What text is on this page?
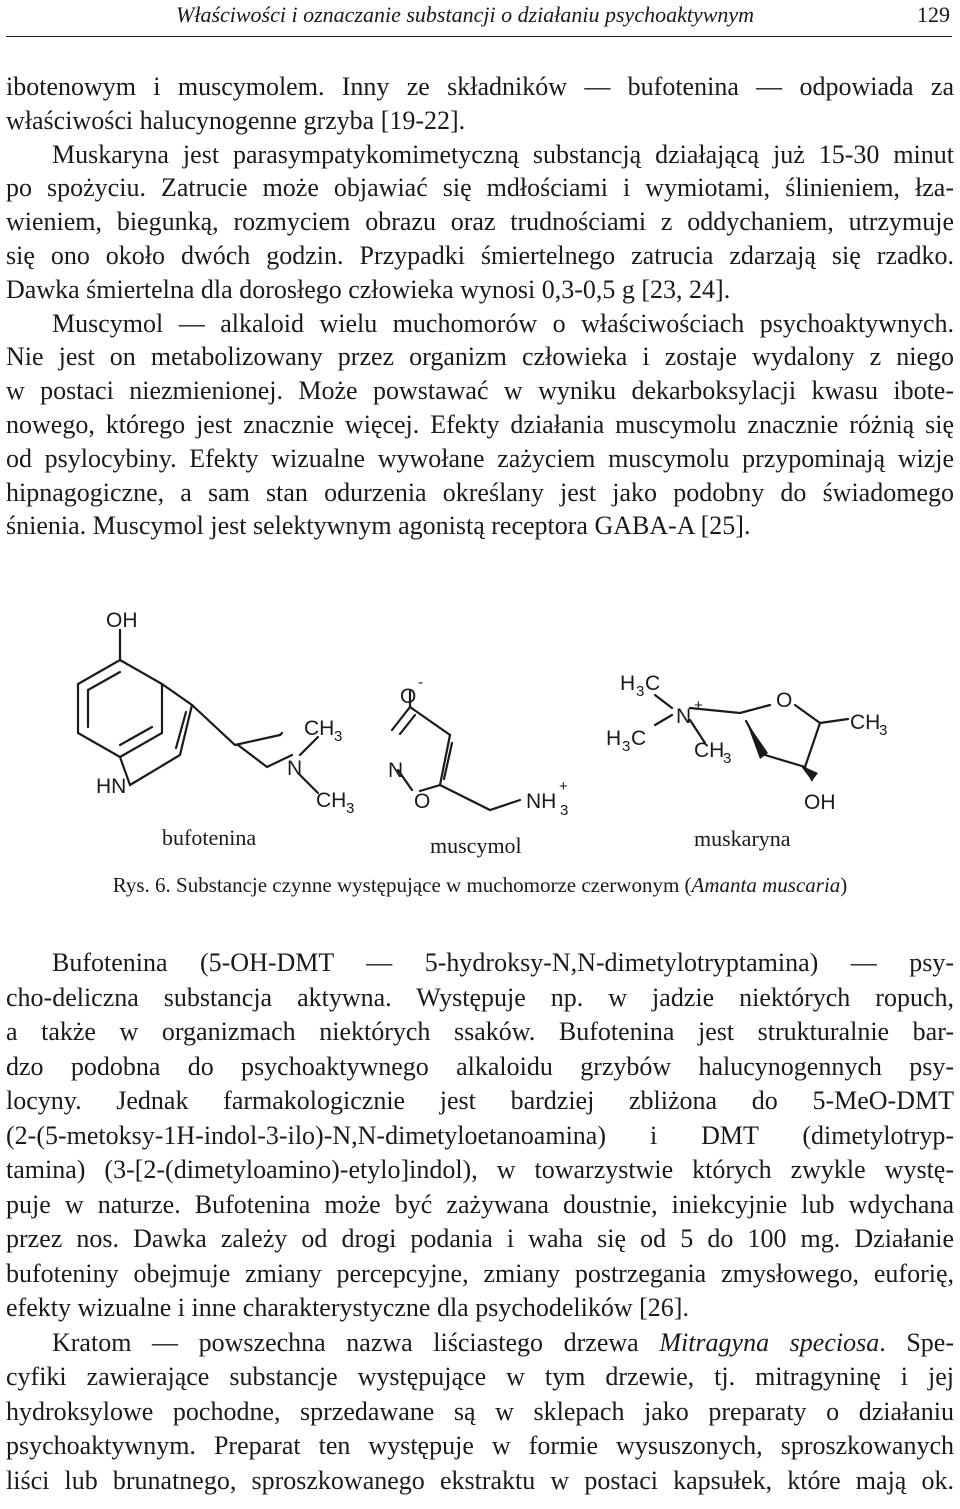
Właściwości i oznaczanie substancji o działaniu psychoaktywnym	129
ibotenowym i muscymolem. Inny ze składników — bufotenina — odpowiada za
właściwości halucynogenne grzyba [19-22].
Muskaryna jest parasympatykomimetyczną substancją działającą już 15-30 minut
po spożyciu. Zatrucie może objawiać się mdłościami i wymiotami, ślinieniem, łza-
wieniem, biegunką, rozmyciem obrazu oraz trudnościami z oddychaniem, utrzymuje
się ono około dwóch godzin. Przypadki śmiertelnego zatrucia zdarzają się rzadko.
Dawka śmiertelna dla dorosłego człowieka wynosi 0,3-0,5 g [23, 24].
Muscymol — alkaloid wielu muchomorów o właściwościach psychoaktywnych.
Nie jest on metabolizowany przez organizm człowieka i zostaje wydalony z niego
w postaci niezmienionej. Może powstawać w wyniku dekarboksylacji kwasu ibote-
nowego, którego jest znacznie więcej. Efekty działania muscymolu znacznie różnią się
od psylocybiny. Efekty wizualne wywołane zażyciem muscymolu przypominają wizje
hipnagogiczne, a sam stan odurzenia określany jest jako podobny do świadomego
śnienia. Muscymol jest selektywnym agonistą receptora GABA-A [25].
OH
HN
N
CH 3
CH 3
O
-
N
O	NH 3
+
H 3 C
H 3 C
N +
CH
3
O
CH
3
OH
bufotenina	muscymol	muskaryna
Rys. 6. Substancje czynne występujące w muchomorze czerwonym (Amanta muscaria)
Bufotenina (5-OH-DMT — 5-hydroksy-N,N-dimetylotryptamina) — psy-
cho-deliczna substancja aktywna. Występuje np. w jadzie niektórych ropuch,
a także w organizmach niektórych ssaków. Bufotenina jest strukturalnie bar-
dzo podobna do psychoaktywnego alkaloidu grzybów halucynogennych psy-
locyny. Jednak farmakologicznie jest bardziej zbliżona do 5-MeO-DMT
(2-(5-metoksy-1H-indol-3-ilo)-N,N-dimetyloetanoamina) i DMT (dimetylotryp-
tamina) (3-[2-(dimetyloamino)-etylo]indol), w towarzystwie których zwykle wystę-
puje w naturze. Bufotenina może być zażywana doustnie, iniekcyjnie lub wdychana
przez nos. Dawka zależy od drogi podania i waha się od 5 do 100 mg. Działanie
bufoteniny obejmuje zmiany percepcyjne, zmiany postrzegania zmysłowego, euforię,
efekty wizualne i inne charakterystyczne dla psychodelików [26].
Kratom — powszechna nazwa liściastego drzewa Mitragyna speciosa. Spe-
cyfiki zawierające substancje występujące w tym drzewie, tj. mitragyninę i jej
hydroksylowe pochodne, sprzedawane są w sklepach jako preparaty o działaniu
psychoaktywnym. Preparat ten występuje w formie wysuszonych, sproszkowanych
liści lub brunatnego, sproszkowanego ekstraktu w postaci kapsułek, które mają ok.
